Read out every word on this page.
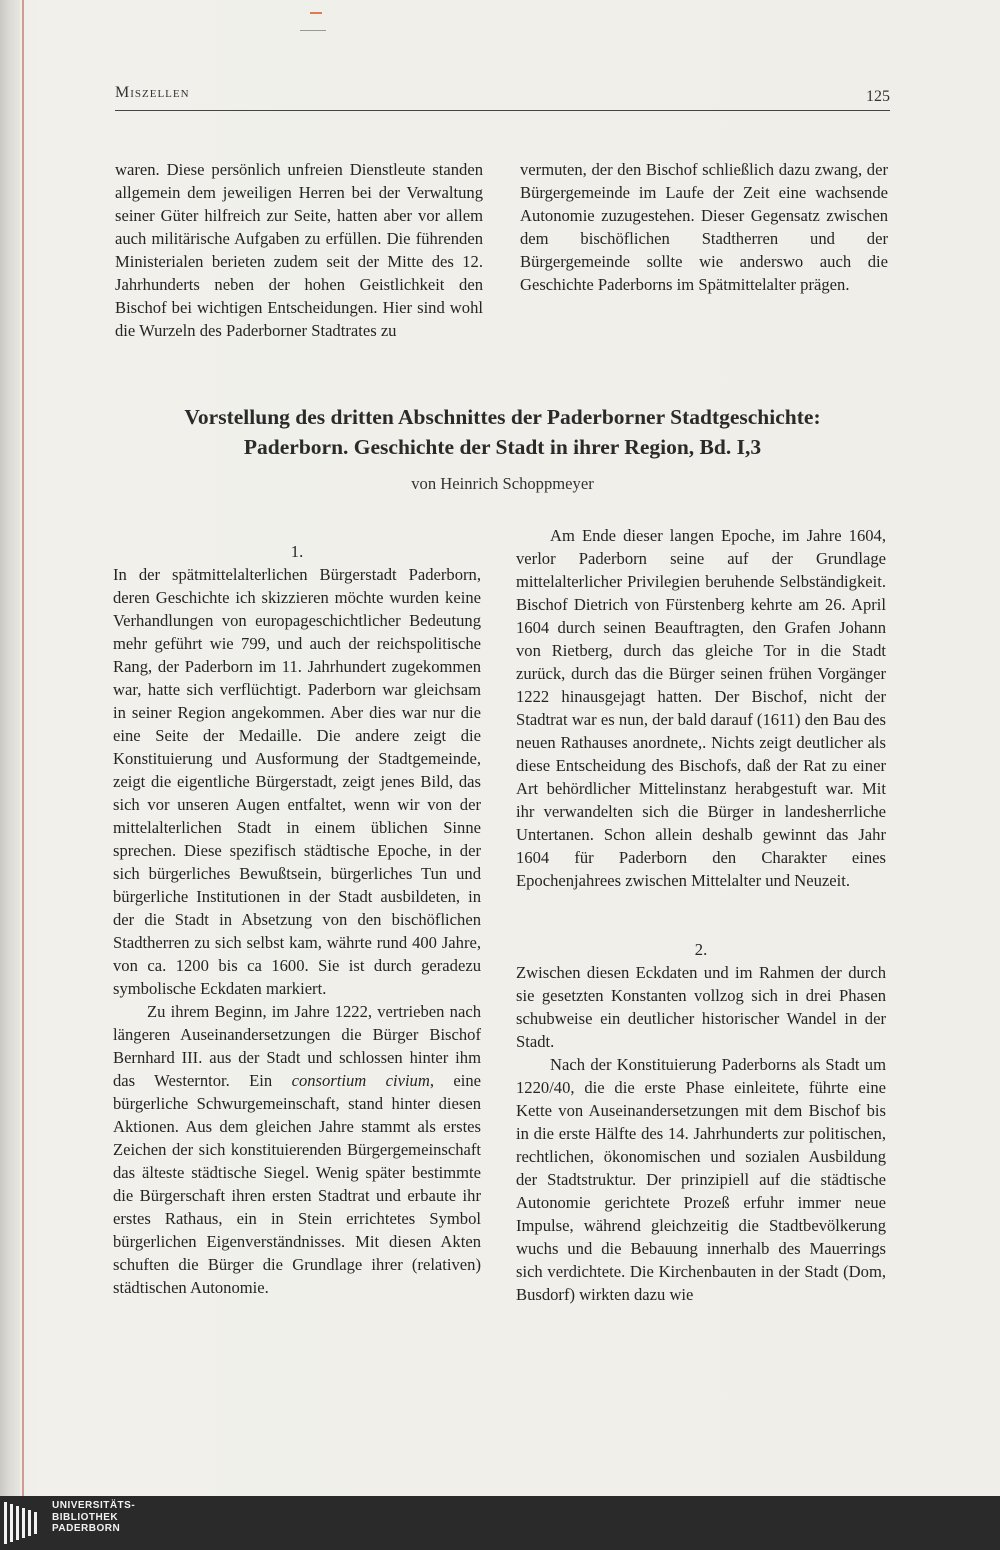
Miszellen	125

waren. Diese persönlich unfreien Dienstleute standen allgemein dem jeweiligen Herren bei der Verwaltung seiner Güter hilfreich zur Seite, hatten aber vor allem auch militärische Aufgaben zu erfüllen. Die führenden Ministerialen berieten zudem seit der Mitte des 12. Jahrhunderts neben der hohen Geistlichkeit den Bischof bei wichtigen Entscheidungen. Hier sind wohl die Wurzeln des Paderborner Stadtrates zu

vermuten, der den Bischof schließlich dazu zwang, der Bürgergemeinde im Laufe der Zeit eine wachsende Autonomie zuzugestehen. Dieser Gegensatz zwischen dem bischöflichen Stadtherren und der Bürgergemeinde sollte wie anderswo auch die Geschichte Paderborns im Spätmittelalter prägen.

Vorstellung des dritten Abschnittes der Paderborner Stadtgeschichte:
Paderborn. Geschichte der Stadt in ihrer Region, Bd. I,3
von Heinrich Schoppmeyer

1.

In der spätmittelalterlichen Bürgerstadt Paderborn, deren Geschichte ich skizzieren möchte wurden keine Verhandlungen von europageschichtlicher Bedeutung mehr geführt wie 799, und auch der reichspolitische Rang, der Paderborn im 11. Jahrhundert zugekommen war, hatte sich verflüchtigt. Paderborn war gleichsam in seiner Region angekommen. Aber dies war nur die eine Seite der Medaille. Die andere zeigt die Konstituierung und Ausformung der Stadtgemeinde, zeigt die eigentliche Bürgerstadt, zeigt jenes Bild, das sich vor unseren Augen entfaltet, wenn wir von der mittelalterlichen Stadt in einem üblichen Sinne sprechen. Diese spezifisch städtische Epoche, in der sich bürgerliches Bewußtsein, bürgerliches Tun und bürgerliche Institutionen in der Stadt ausbildeten, in der die Stadt in Absetzung von den bischöflichen Stadtherren zu sich selbst kam, währte rund 400 Jahre, von ca. 1200 bis ca 1600. Sie ist durch geradezu symbolische Eckdaten markiert.

Zu ihrem Beginn, im Jahre 1222, vertrieben nach längeren Auseinandersetzungen die Bürger Bischof Bernhard III. aus der Stadt und schlossen hinter ihm das Westerntor. Ein consortium civium, eine bürgerliche Schwurgemeinschaft, stand hinter diesen Aktionen. Aus dem gleichen Jahre stammt als erstes Zeichen der sich konstituierenden Bürgergemeinschaft das älteste städtische Siegel. Wenig später bestimmte die Bürgerschaft ihren ersten Stadtrat und erbaute ihr erstes Rathaus, ein in Stein errichtetes Symbol bürgerlichen Eigenverständnisses. Mit diesen Akten schuften die Bürger die Grundlage ihrer (relativen) städtischen Autonomie.

Am Ende dieser langen Epoche, im Jahre 1604, verlor Paderborn seine auf der Grundlage mittelalterlicher Privilegien beruhende Selbständigkeit. Bischof Dietrich von Fürstenberg kehrte am 26. April 1604 durch seinen Beauftragten, den Grafen Johann von Rietberg, durch das gleiche Tor in die Stadt zurück, durch das die Bürger seinen frühen Vorgänger 1222 hinausgejagt hatten. Der Bischof, nicht der Stadtrat war es nun, der bald darauf (1611) den Bau des neuen Rathauses anordnete,. Nichts zeigt deutlicher als diese Entscheidung des Bischofs, daß der Rat zu einer Art behördlicher Mittelinstanz herabgestuft war. Mit ihr verwandelten sich die Bürger in landesherrliche Untertanen. Schon allein deshalb gewinnt das Jahr 1604 für Paderborn den Charakter eines Epochenjahrees zwischen Mittelalter und Neuzeit.

2.

Zwischen diesen Eckdaten und im Rahmen der durch sie gesetzten Konstanten vollzog sich in drei Phasen schubweise ein deutlicher historischer Wandel in der Stadt.

Nach der Konstituierung Paderborns als Stadt um 1220/40, die die erste Phase einleitete, führte eine Kette von Auseinandersetzungen mit dem Bischof bis in die erste Hälfte des 14. Jahrhunderts zur politischen, rechtlichen, ökonomischen und sozialen Ausbildung der Stadtstruktur. Der prinzipiell auf die städtische Autonomie gerichtete Prozeß erfuhr immer neue Impulse, während gleichzeitig die Stadtbevölkerung wuchs und die Bebauung innerhalb des Mauerrings sich verdichtete. Die Kirchenbauten in der Stadt (Dom, Busdorf) wirkten dazu wie

UNIVERSITÄTS-
BIBLIOTHEK
PADERBORN
